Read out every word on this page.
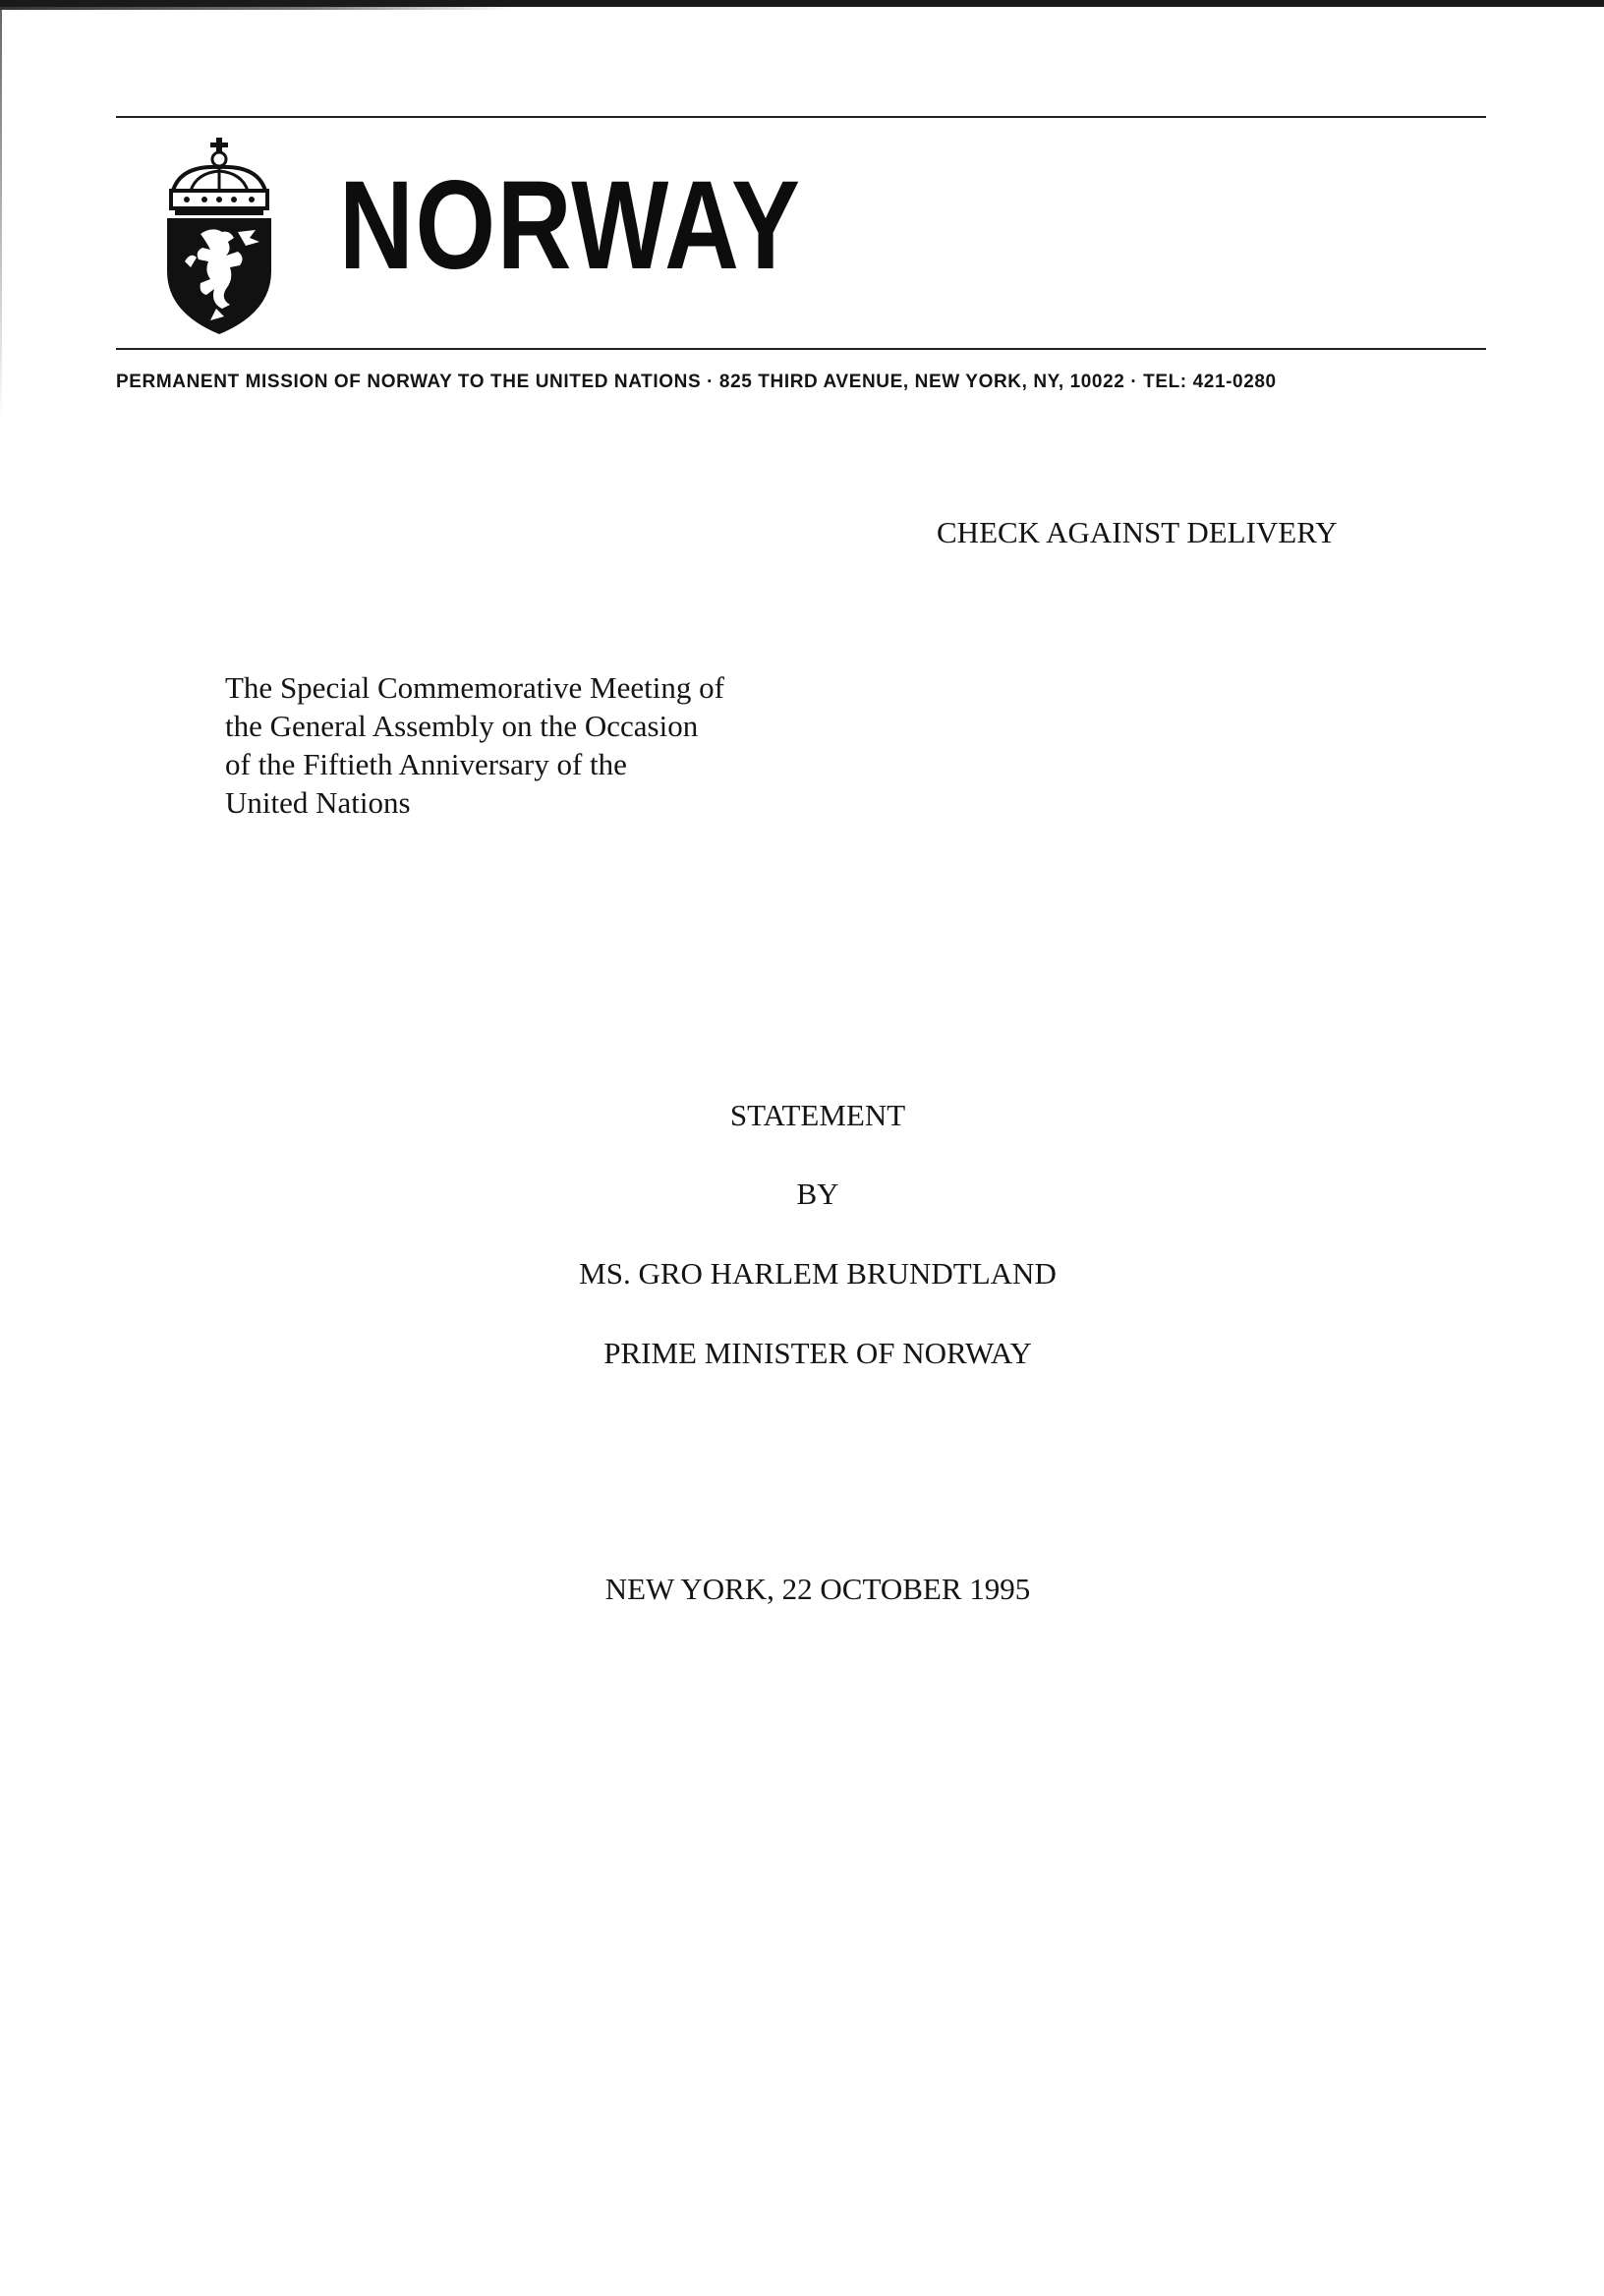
NORWAY
PERMANENT MISSION OF NORWAY TO THE UNITED NATIONS · 825 THIRD AVENUE, NEW YORK, NY, 10022 · TEL: 421-0280
CHECK AGAINST DELIVERY
The Special Commemorative Meeting of
the General Assembly on the Occasion
of the Fiftieth Anniversary of the
United Nations
STATEMENT
BY
MS. GRO HARLEM BRUNDTLAND
PRIME MINISTER OF NORWAY
NEW YORK, 22 OCTOBER 1995
